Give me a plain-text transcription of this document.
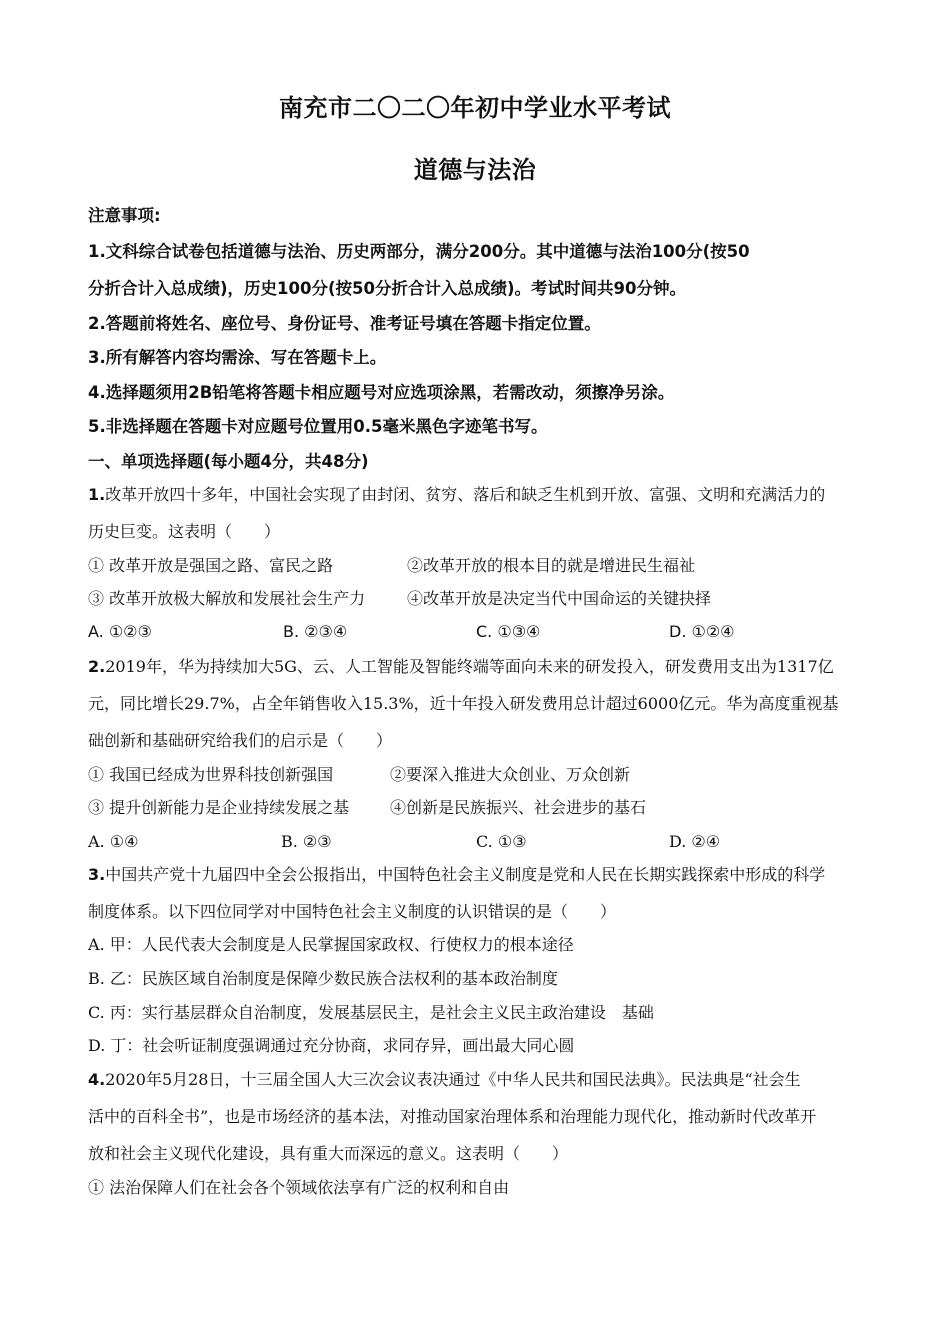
南充市二〇二〇年初中学业水平考试
道德与法治
注意事项:
1.文科综合试卷包括道德与法治、历史两部分，满分200分。其中道德与法治100分(按50
分折合计入总成绩)，历史100分(按50分折合计入总成绩)。考试时间共90分钟。
2.答题前将姓名、座位号、身份证号、准考证号填在答题卡指定位置。
3.所有解答内容均需涂、写在答题卡上。
4.选择题须用2B铅笔将答题卡相应题号对应选项涂黑，若需改动，须擦净另涂。
5.非选择题在答题卡对应题号位置用0.5毫米黑色字迹笔书写。
一、单项选择题(每小题4分，共48分)
1.改革开放四十多年，中国社会实现了由封闭、贫穷、落后和缺乏生机到开放、富强、文明和充满活力的
历史巨变。这表明（　　）
① 改革开放是强国之路、富民之路	②改革开放的根本目的就是增进民生福祉
③ 改革开放极大解放和发展社会生产力	④改革开放是决定当代中国命运的关键抉择
A. ①②③	B. ②③④	C. ①③④	D. ①②④
2.2019年，华为持续加大5G、云、人工智能及智能终端等面向未来的研发投入，研发费用支出为1317亿
元，同比增长29.7%，占全年销售收入15.3%，近十年投入研发费用总计超过6000亿元。华为高度重视基
础创新和基础研究给我们的启示是（　　）
① 我国已经成为世界科技创新强国	②要深入推进大众创业、万众创新
③ 提升创新能力是企业持续发展之基	④创新是民族振兴、社会进步的基石
A. ①④	B. ②③	C. ①③	D. ②④
3.中国共产党十九届四中全会公报指出，中国特色社会主义制度是党和人民在长期实践探索中形成的科学
制度体系。以下四位同学对中国特色社会主义制度的认识错误的是（　　）
A. 甲：人民代表大会制度是人民掌握国家政权、行使权力的根本途径
B. 乙：民族区域自治制度是保障少数民族合法权利的基本政治制度
C. 丙：实行基层群众自治制度，发展基层民主，是社会主义民主政治建设　基础
D. 丁：社会听证制度强调通过充分协商，求同存异，画出最大同心圆
4.2020年5月28日，十三届全国人大三次会议表决通过《中华人民共和国民法典》。民法典是“社会生
活中的百科全书”，也是市场经济的基本法，对推动国家治理体系和治理能力现代化，推动新时代改革开
放和社会主义现代化建设，具有重大而深远的意义。这表明（　　）
① 法治保障人们在社会各个领域依法享有广泛的权利和自由
